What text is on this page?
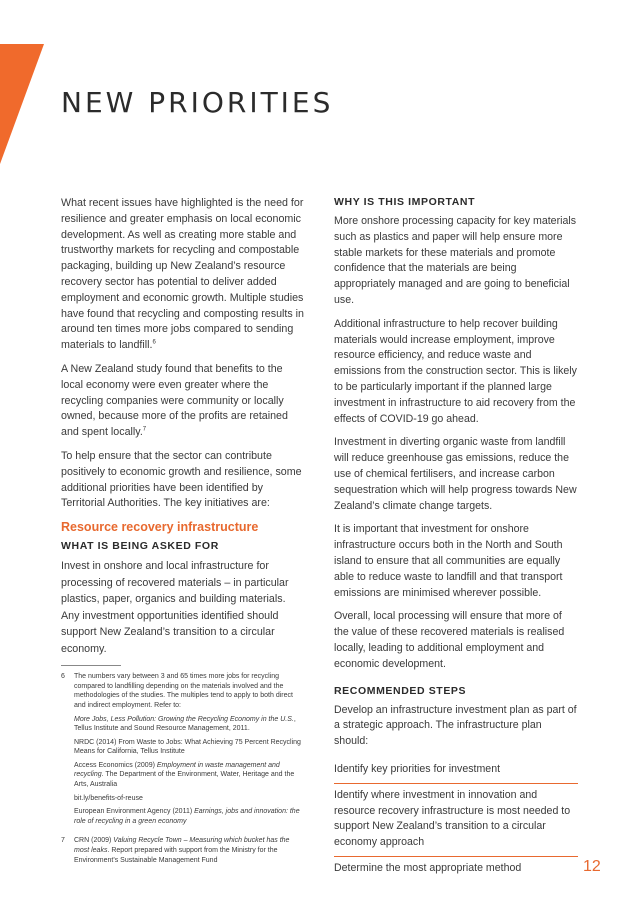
NEW PRIORITIES

What recent issues have highlighted is the need for resilience and greater emphasis on local economic development. As well as creating more stable and trustworthy markets for recycling and compostable packaging, building up New Zealand’s resource recovery sector has potential to deliver added employment and economic growth. Multiple studies have found that recycling and composting results in around ten times more jobs compared to sending materials to landfill.$^6$

A New Zealand study found that benefits to the local economy were even greater where the recycling companies were community or locally owned, because more of the profits are retained and spent locally.$^7$

To help ensure that the sector can contribute positively to economic growth and resilience, some additional priorities have been identified by Territorial Authorities. The key initiatives are:

Resource recovery infrastructure
WHAT IS BEING ASKED FOR

Invest in onshore and local infrastructure for processing of recovered materials – in particular plastics, paper, organics and building materials. Any investment opportunities identified should support New Zealand’s transition to a circular economy.

6 The numbers vary between 3 and 65 times more jobs for recycling compared to landfilling depending on the materials involved and the methodologies of the studies. The multiples tend to apply to both direct and indirect employment. Refer to:
More Jobs, Less Pollution: Growing the Recycling Economy in the U.S., Tellus Institute and Sound Resource Management, 2011.
NRDC (2014) From Waste to Jobs: What Achieving 75 Percent Recycling Means for California, Tellus Institute
Access Economics (2009) Employment in waste management and recycling. The Department of the Environment, Water, Heritage and the Arts, Australia
bit.ly/benefits-of-reuse
European Environment Agency (2011) Earnings, jobs and innovation: the role of recycling in a green economy
7 CRN (2009) Valuing Recycle Town – Measuring which bucket has the most leaks. Report prepared with support from the Ministry for the Environment’s Sustainable Management Fund
WHY IS THIS IMPORTANT

More onshore processing capacity for key materials such as plastics and paper will help ensure more stable markets for these materials and promote confidence that the materials are being appropriately managed and are going to beneficial use.

Additional infrastructure to help recover building materials would increase employment, improve resource efficiency, and reduce waste and emissions from the construction sector. This is likely to be particularly important if the planned large investment in infrastructure to aid recovery from the effects of COVID-19 go ahead.

Investment in diverting organic waste from landfill will reduce greenhouse gas emissions, reduce the use of chemical fertilisers, and increase carbon sequestration which will help progress towards New Zealand’s climate change targets.

It is important that investment for onshore infrastructure occurs both in the North and South island to ensure that all communities are equally able to reduce waste to landfill and that transport emissions are minimised wherever possible.

Overall, local processing will ensure that more of the value of these recovered materials is realised locally, leading to additional employment and economic development.

RECOMMENDED STEPS

Develop an infrastructure investment plan as part of a strategic approach. The infrastructure plan should:

Identify key priorities for investment
Identify where investment in innovation and resource recovery infrastructure is most needed to support New Zealand’s transition to a circular economy approach
Determine the most appropriate method	12
